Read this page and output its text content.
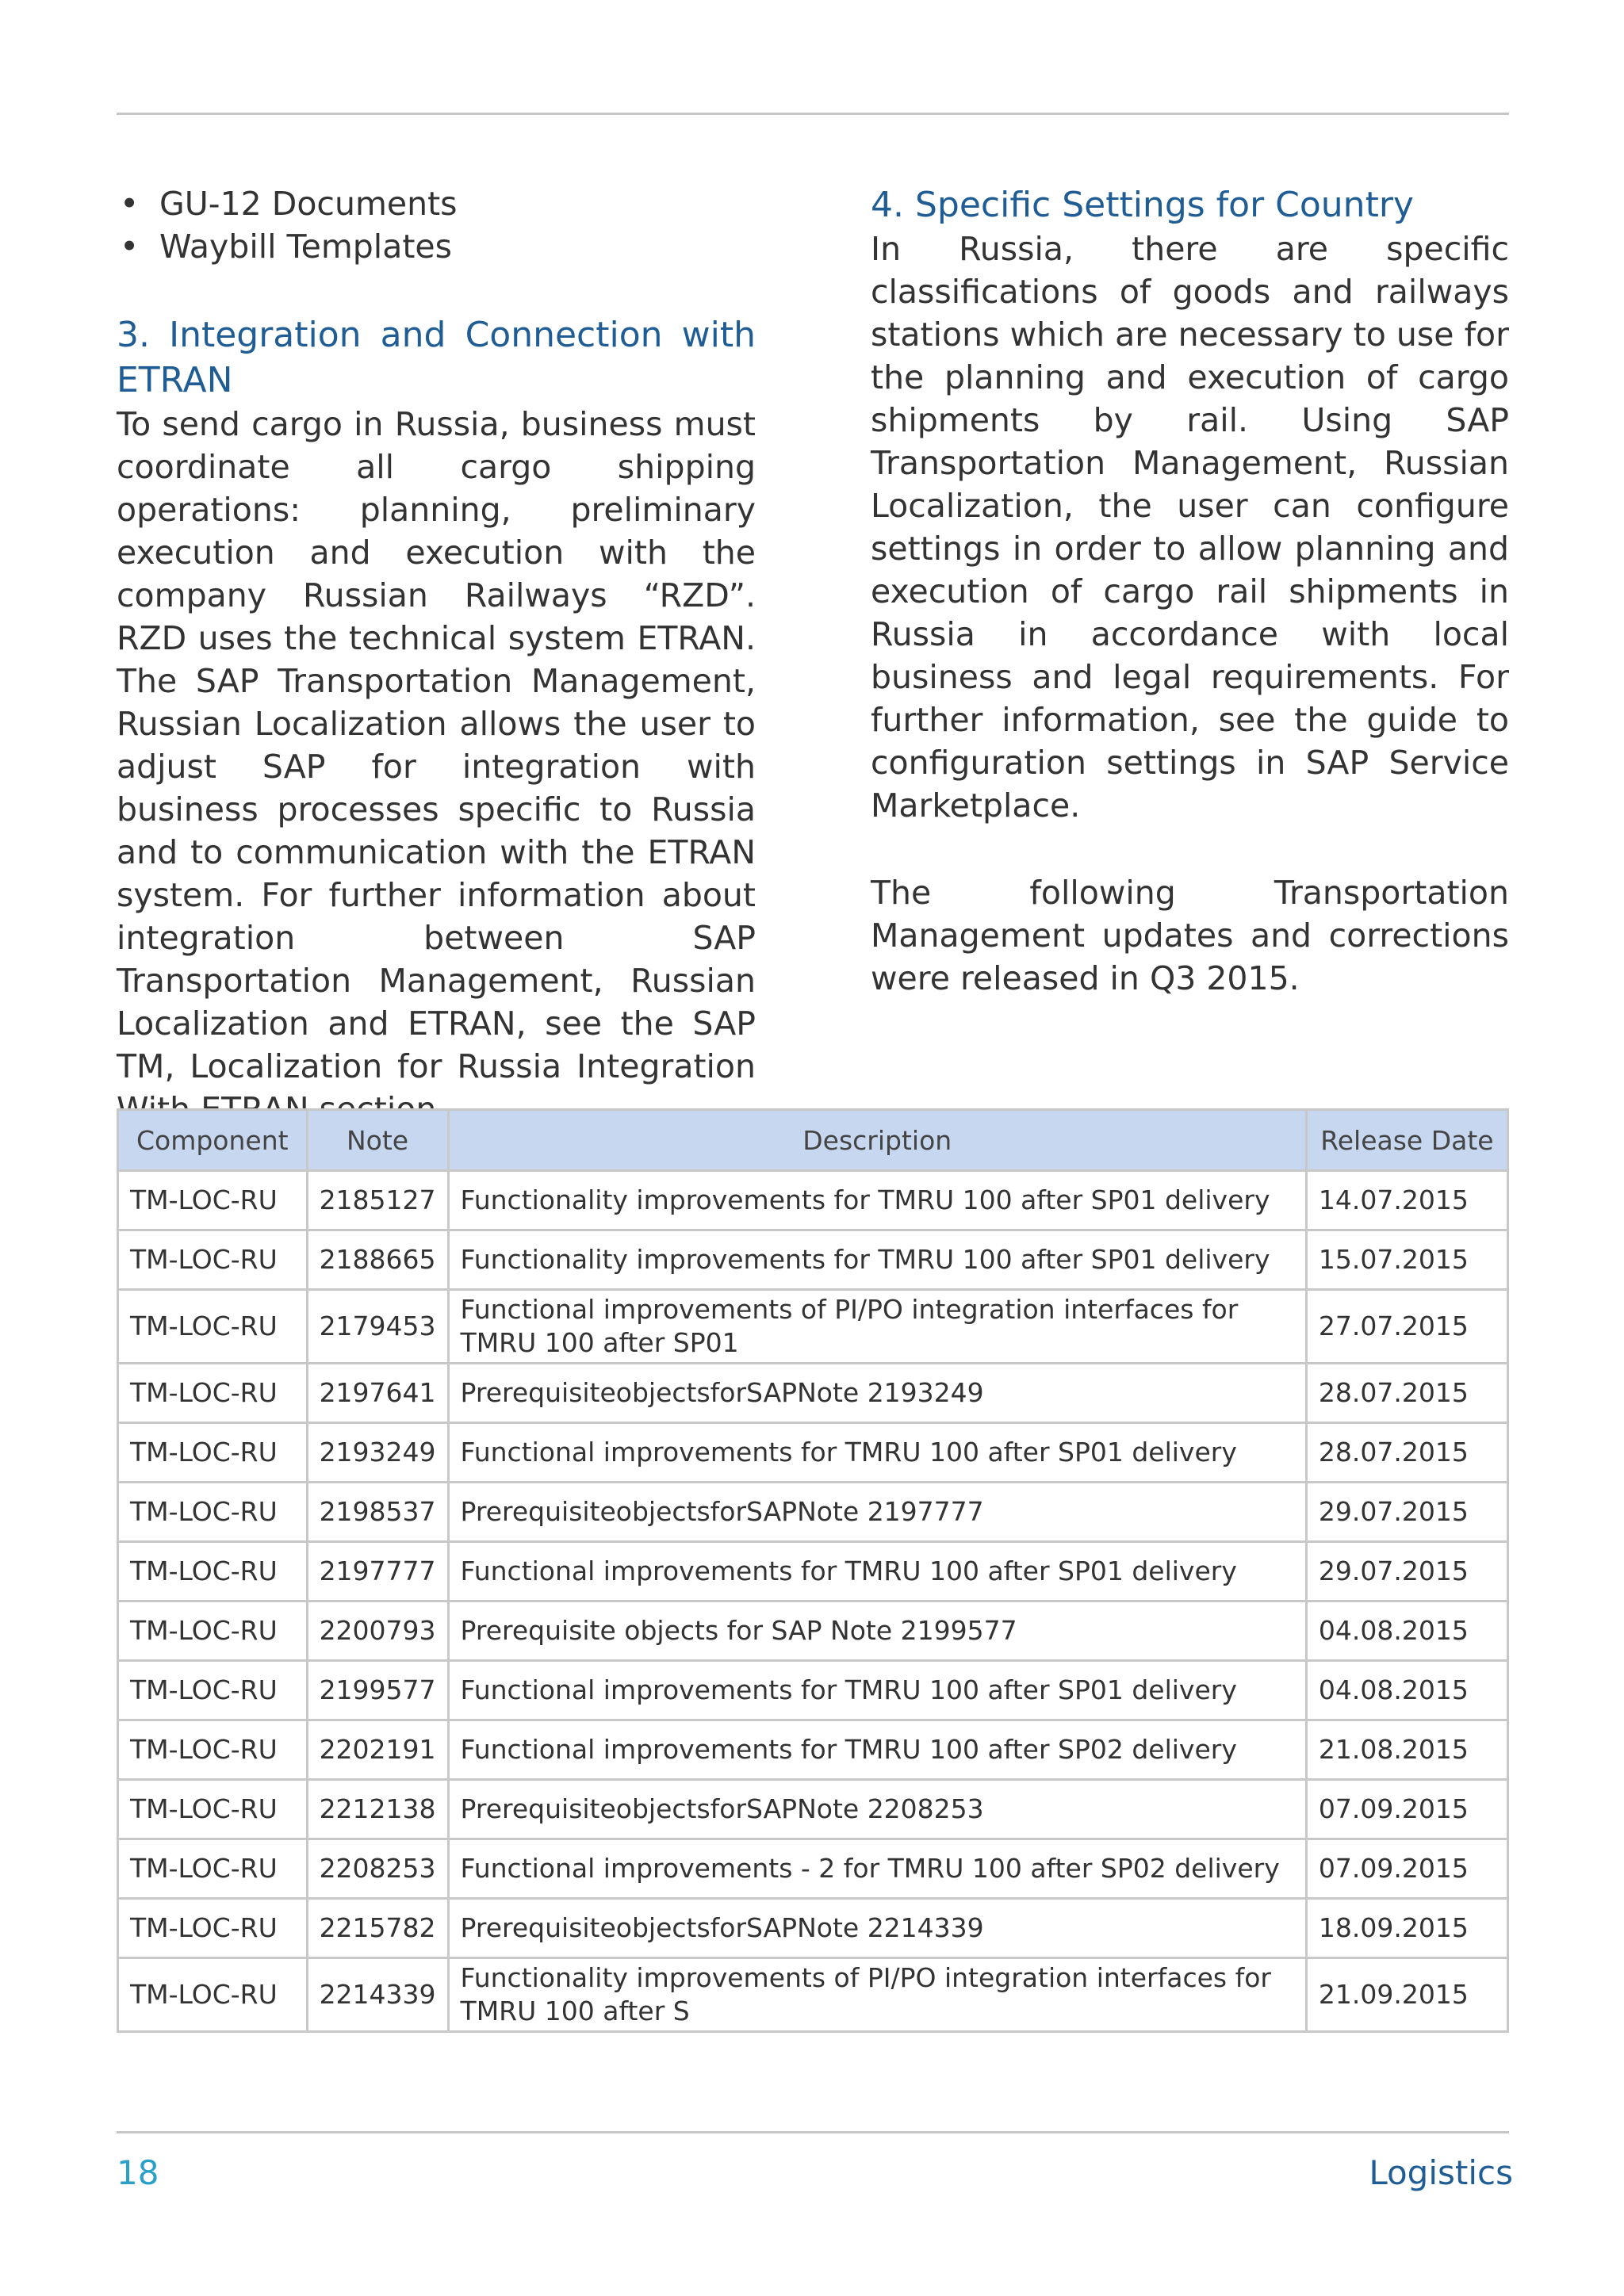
• GU-12 Documents
• Waybill Templates
3. Integration and Connection with ETRAN

To send cargo in Russia, business must coordinate all cargo shipping operations: planning, preliminary execution and execution with the company Russian Railways “RZD”. RZD uses the technical system ETRAN. The SAP Transportation Management, Russian Localization allows the user to adjust SAP for integration with business processes specific to Russia and to communication with the ETRAN system. For further information about integration between SAP Transportation Management, Russian Localization and ETRAN, see the SAP TM, Localization for Russia Integration

4. Specific Settings for Country

In Russia, there are specific classifications of goods and railways stations which are necessary to use for the planning and execution of cargo shipments by rail. Using SAP Transportation Management, Russian Localization, the user can configure settings in order to allow planning and execution of cargo rail shipments in Russia in accordance with local business and legal requirements. For further information, see the guide to configuration settings in SAP Service Marketplace.

The following Transportation Management updates and corrections were released in Q3 2015.

Component	Note	Description	Release Date
TM-LOC-RU	2185127	Functionality improvements for TMRU 100 after SP01 delivery	14.07.2015
TM-LOC-RU	2188665	Functionality improvements for TMRU 100 after SP01 delivery	15.07.2015
TM-LOC-RU	2179453	Functional improvements of PI/PO integration interfaces for TMRU 100 after SP01	27.07.2015
TM-LOC-RU	2197641	PrerequisiteobjectsforSAPNote 2193249	28.07.2015
TM-LOC-RU	2193249	Functional improvements for TMRU 100 after SP01 delivery	28.07.2015
TM-LOC-RU	2198537	PrerequisiteobjectsforSAPNote 2197777	29.07.2015
TM-LOC-RU	2197777	Functional improvements for TMRU 100 after SP01 delivery	29.07.2015
TM-LOC-RU	2200793	Prerequisite objects for SAP Note 2199577	04.08.2015
TM-LOC-RU	2199577	Functional improvements for TMRU 100 after SP01 delivery	04.08.2015
TM-LOC-RU	2202191	Functional improvements for TMRU 100 after SP02 delivery	21.08.2015
TM-LOC-RU	2212138	PrerequisiteobjectsforSAPNote 2208253	07.09.2015
TM-LOC-RU	2208253	Functional improvements - 2 for TMRU 100 after SP02 delivery	07.09.2015
TM-LOC-RU	2215782	PrerequisiteobjectsforSAPNote 2214339	18.09.2015
TM-LOC-RU	2214339	Functionality improvements of PI/PO integration interfaces for TMRU 100 after S	21.09.2015
18	Logistics
